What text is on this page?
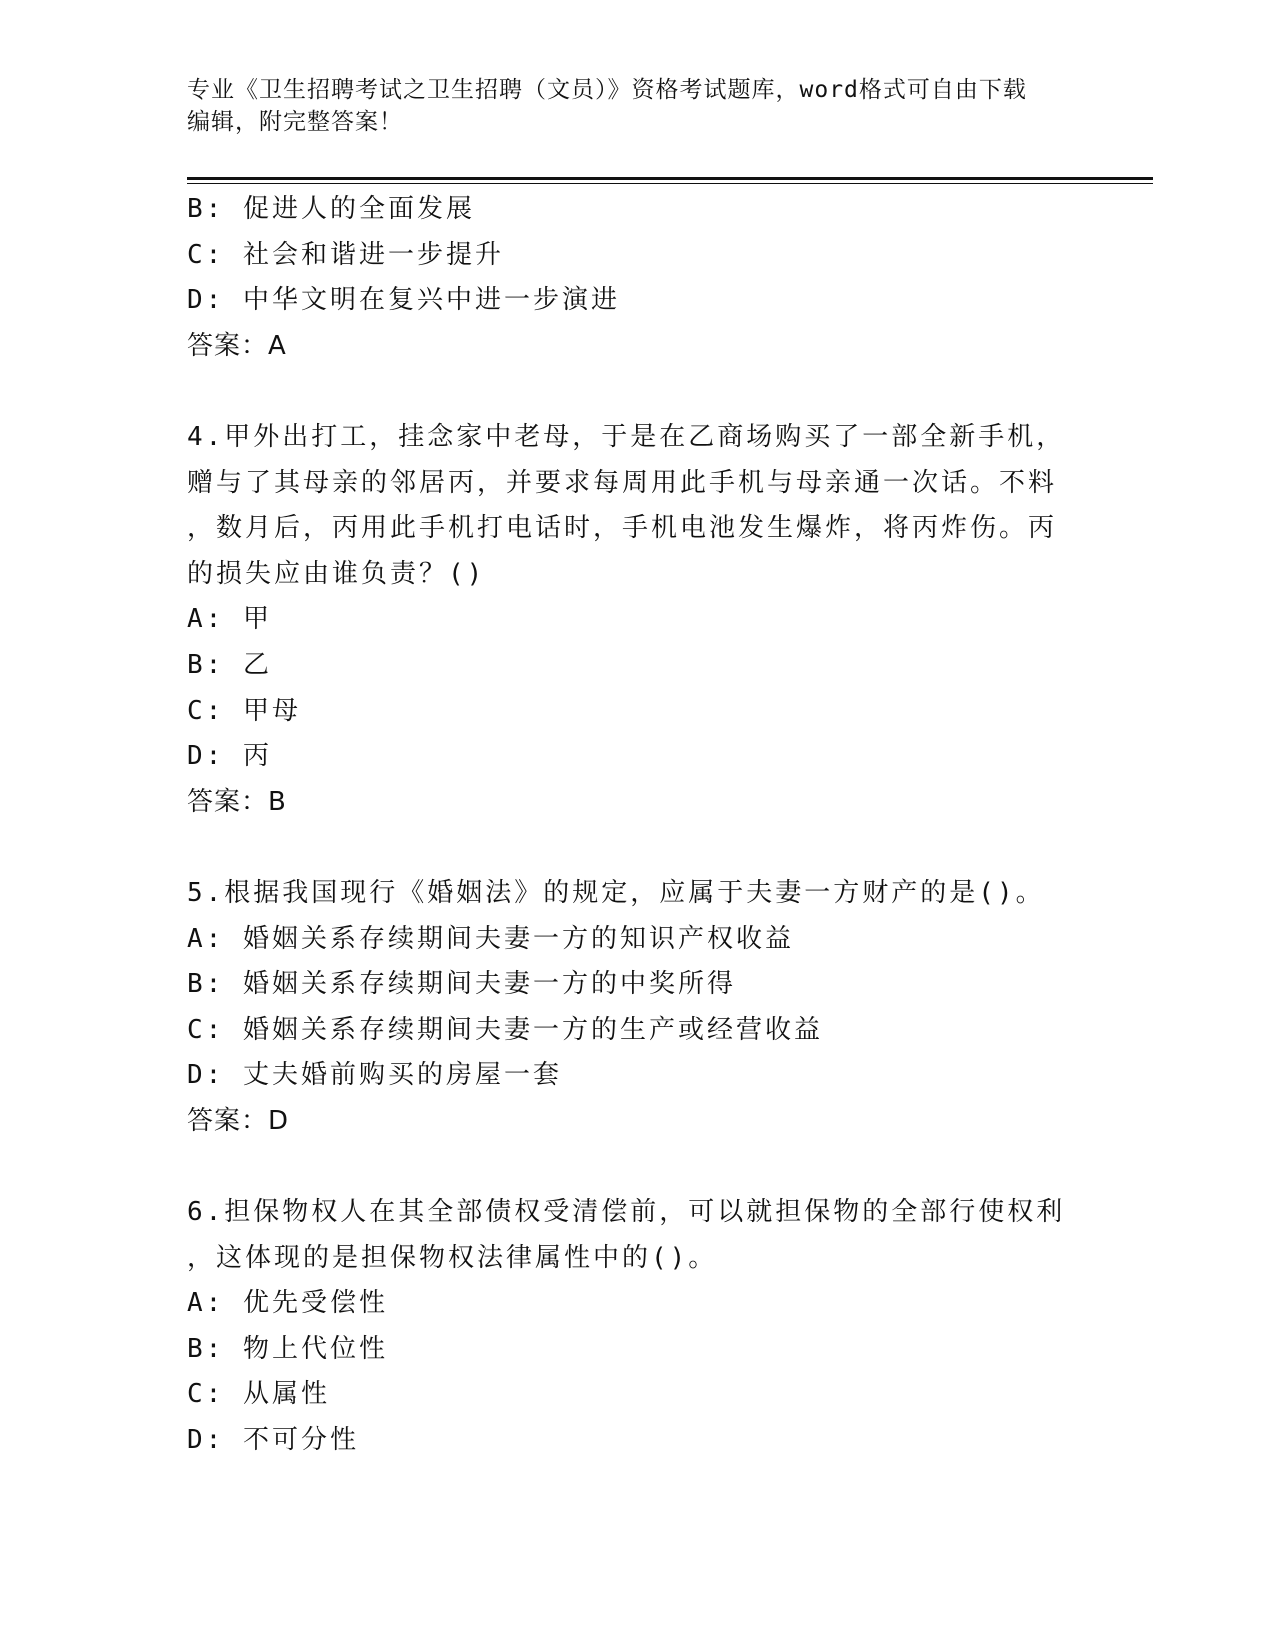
专业《卫生招聘考试之卫生招聘（文员）》资格考试题库，word格式可自由下载
编辑，附完整答案！
B: 促进人的全面发展
C: 社会和谐进一步提升
D: 中华文明在复兴中进一步演进
答案：A
4.甲外出打工，挂念家中老母，于是在乙商场购买了一部全新手机，
赠与了其母亲的邻居丙，并要求每周用此手机与母亲通一次话。不料
，数月后，丙用此手机打电话时，手机电池发生爆炸，将丙炸伤。丙
的损失应由谁负责？()
A: 甲
B: 乙
C: 甲母
D: 丙
答案：B
5.根据我国现行《婚姻法》的规定，应属于夫妻一方财产的是()。
A: 婚姻关系存续期间夫妻一方的知识产权收益
B: 婚姻关系存续期间夫妻一方的中奖所得
C: 婚姻关系存续期间夫妻一方的生产或经营收益
D: 丈夫婚前购买的房屋一套
答案：D
6.担保物权人在其全部债权受清偿前，可以就担保物的全部行使权利
，这体现的是担保物权法律属性中的()。
A: 优先受偿性
B: 物上代位性
C: 从属性
D: 不可分性
